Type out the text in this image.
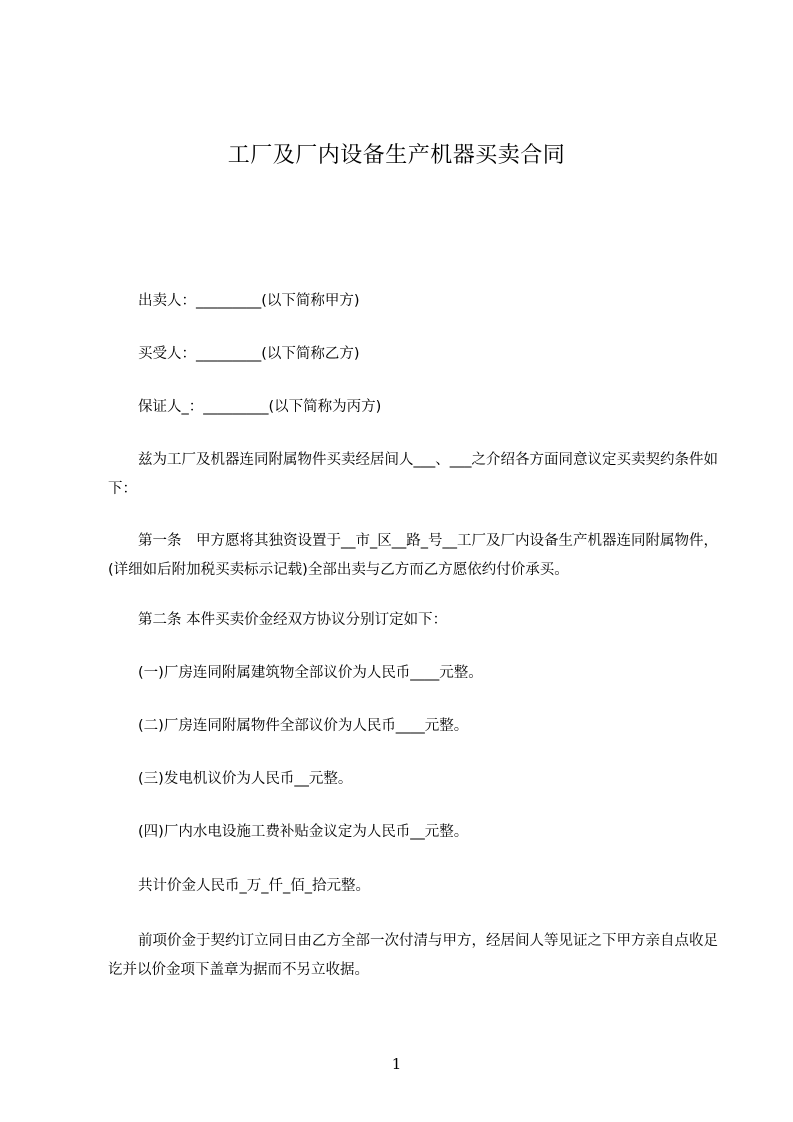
工厂及厂内设备生产机器买卖合同
出卖人：_________(以下简称甲方)
买受人：_________(以下简称乙方)
保证人_：_________(以下简称为丙方)
兹为工厂及机器连同附属物件买卖经居间人___、___之介绍各方面同意议定买卖契约条件如下：
第一条　甲方愿将其独资设置于__市_区__路_号__工厂及厂内设备生产机器连同附属物件，(详细如后附加税买卖标示记载)全部出卖与乙方而乙方愿依约付价承买。
第二条 本件买卖价金经双方协议分别订定如下：
(一)厂房连同附属建筑物全部议价为人民币____元整。
(二)厂房连同附属物件全部议价为人民币____元整。
(三)发电机议价为人民币__元整。
(四)厂内水电设施工费补贴金议定为人民币__元整。
共计价金人民币_万_仟_佰_拾元整。
前项价金于契约订立同日由乙方全部一次付清与甲方，经居间人等见证之下甲方亲自点收足讫并以价金项下盖章为据而不另立收据。
1
